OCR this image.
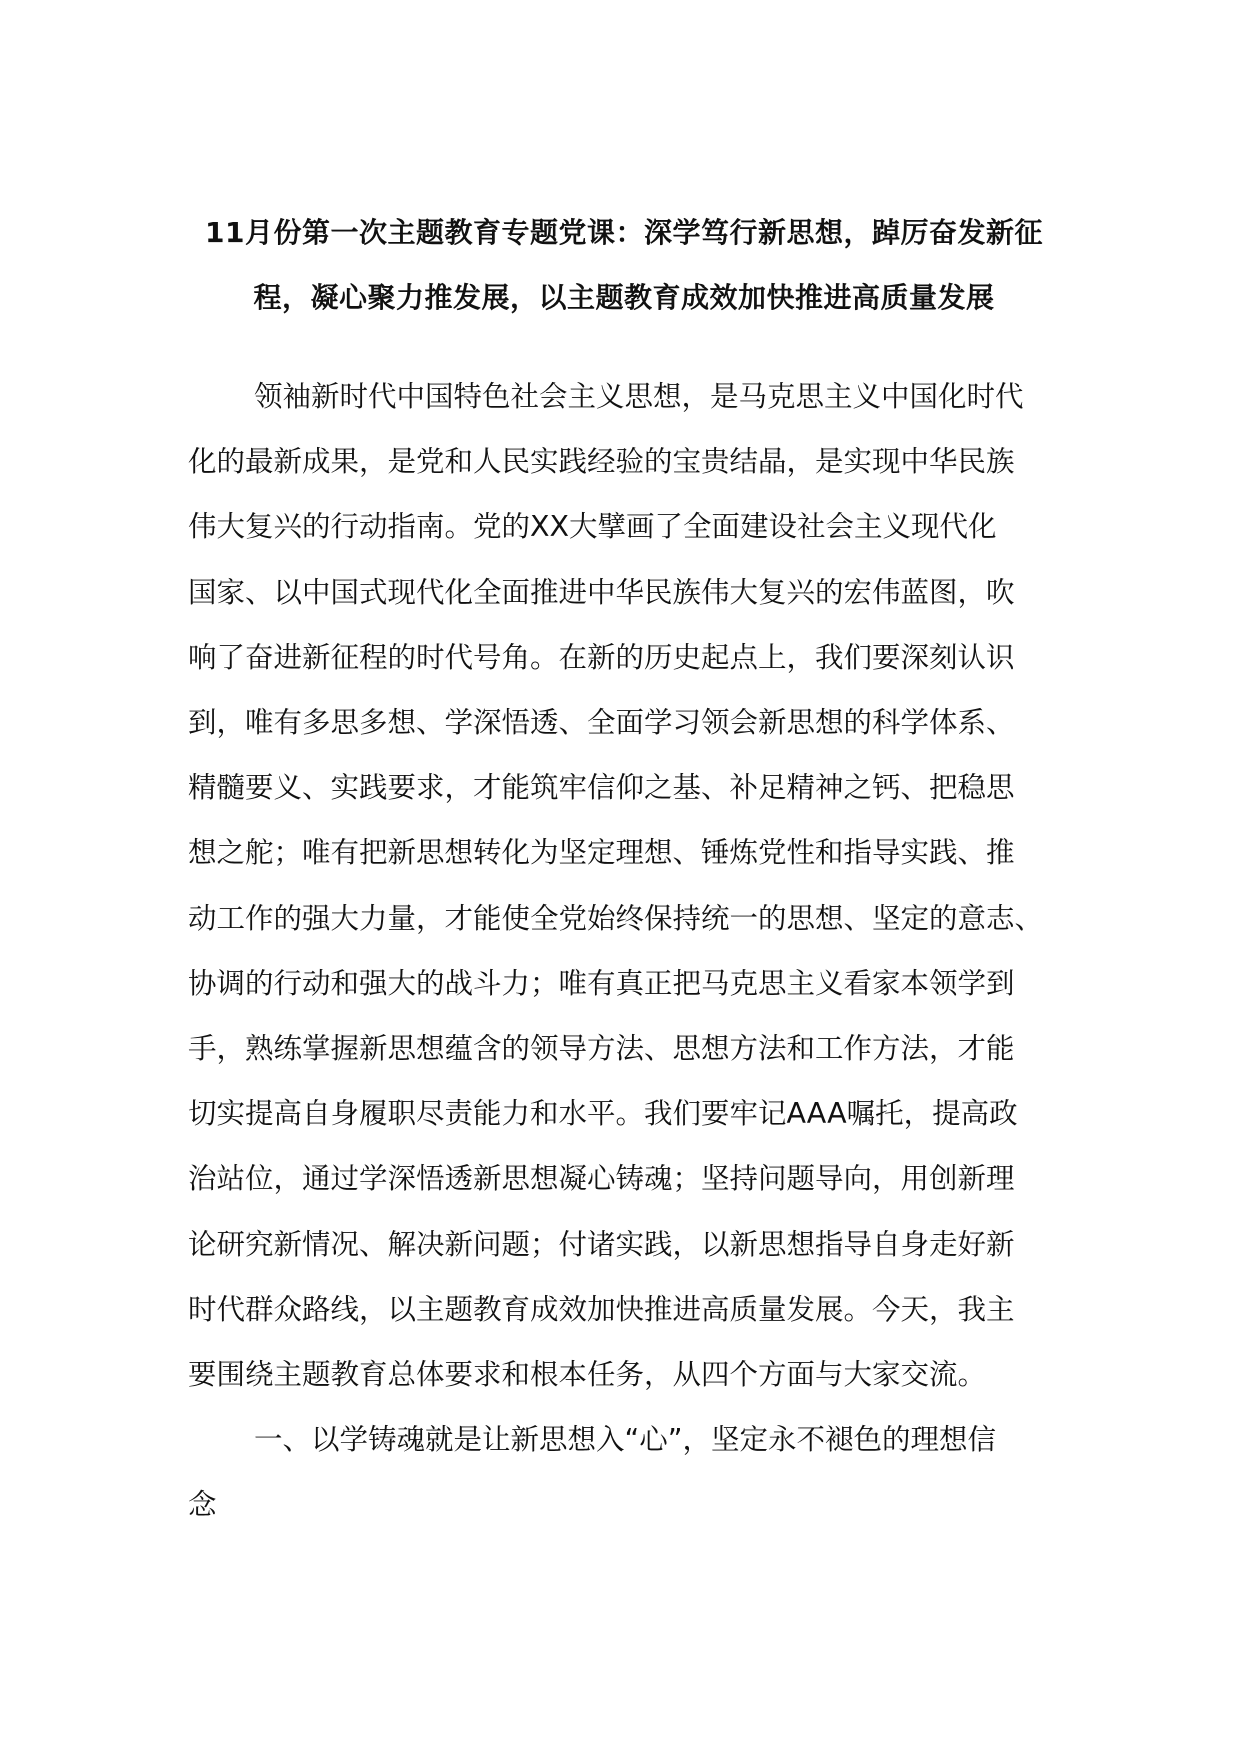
11月份第一次主题教育专题党课：深学笃行新思想，踔厉奋发新征
程，凝心聚力推发展，以主题教育成效加快推进高质量发展

领袖新时代中国特色社会主义思想，是马克思主义中国化时代
化的最新成果，是党和人民实践经验的宝贵结晶，是实现中华民族
伟大复兴的行动指南。党的XX大擘画了全面建设社会主义现代化
国家、以中国式现代化全面推进中华民族伟大复兴的宏伟蓝图，吹
响了奋进新征程的时代号角。在新的历史起点上，我们要深刻认识
到，唯有多思多想、学深悟透、全面学习领会新思想的科学体系、
精髓要义、实践要求，才能筑牢信仰之基、补足精神之钙、把稳思
想之舵；唯有把新思想转化为坚定理想、锤炼党性和指导实践、推
动工作的强大力量，才能使全党始终保持统一的思想、坚定的意志、
协调的行动和强大的战斗力；唯有真正把马克思主义看家本领学到
手，熟练掌握新思想蕴含的领导方法、思想方法和工作方法，才能
切实提高自身履职尽责能力和水平。我们要牢记AAA嘱托，提高政
治站位，通过学深悟透新思想凝心铸魂；坚持问题导向，用创新理
论研究新情况、解决新问题；付诸实践，以新思想指导自身走好新
时代群众路线，以主题教育成效加快推进高质量发展。今天，我主
要围绕主题教育总体要求和根本任务，从四个方面与大家交流。

一、以学铸魂就是让新思想入“心”，坚定永不褪色的理想信
念
